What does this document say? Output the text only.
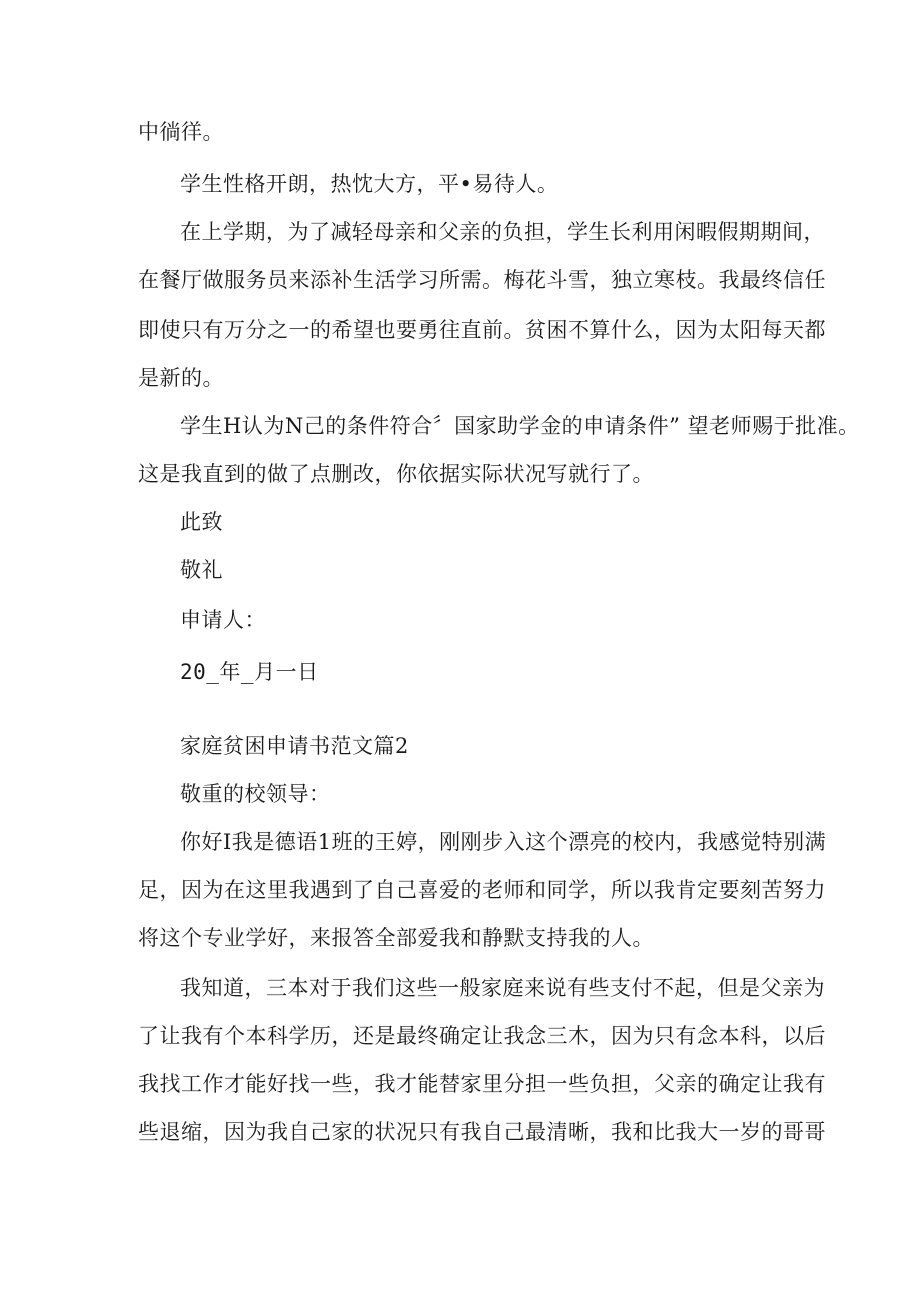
中徜徉。
学生性格开朗，热忱大方，平•易待人。
在上学期，为了减轻母亲和父亲的负担，学生长利用闲暇假期期间，
在餐厅做服务员来添补生活学习所需。梅花斗雪，独立寒枝。我最终信任
即使只有万分之一的希望也要勇往直前。贫困不算什么，因为太阳每天都
是新的。
学生H认为N己的条件符合〞国家助学金的申请条件” 望老师赐于批准。
这是我直到的做了点删改，你依据实际状况写就行了。
此致
敬礼
申请人：
20_年_月一日
家庭贫困申请书范文篇2
敬重的校领导：
你好I我是德语1班的王婷，刚刚步入这个漂亮的校内，我感觉特别满
足，因为在这里我遇到了自己喜爱的老师和同学，所以我肯定要刻苦努力
将这个专业学好，来报答全部爱我和静默支持我的人。
我知道，三本对于我们这些一般家庭来说有些支付不起，但是父亲为
了让我有个本科学历，还是最终确定让我念三木，因为只有念本科，以后
我找工作才能好找一些，我才能替家里分担一些负担，父亲的确定让我有
些退缩，因为我自己家的状况只有我自己最清晰，我和比我大一岁的哥哥
